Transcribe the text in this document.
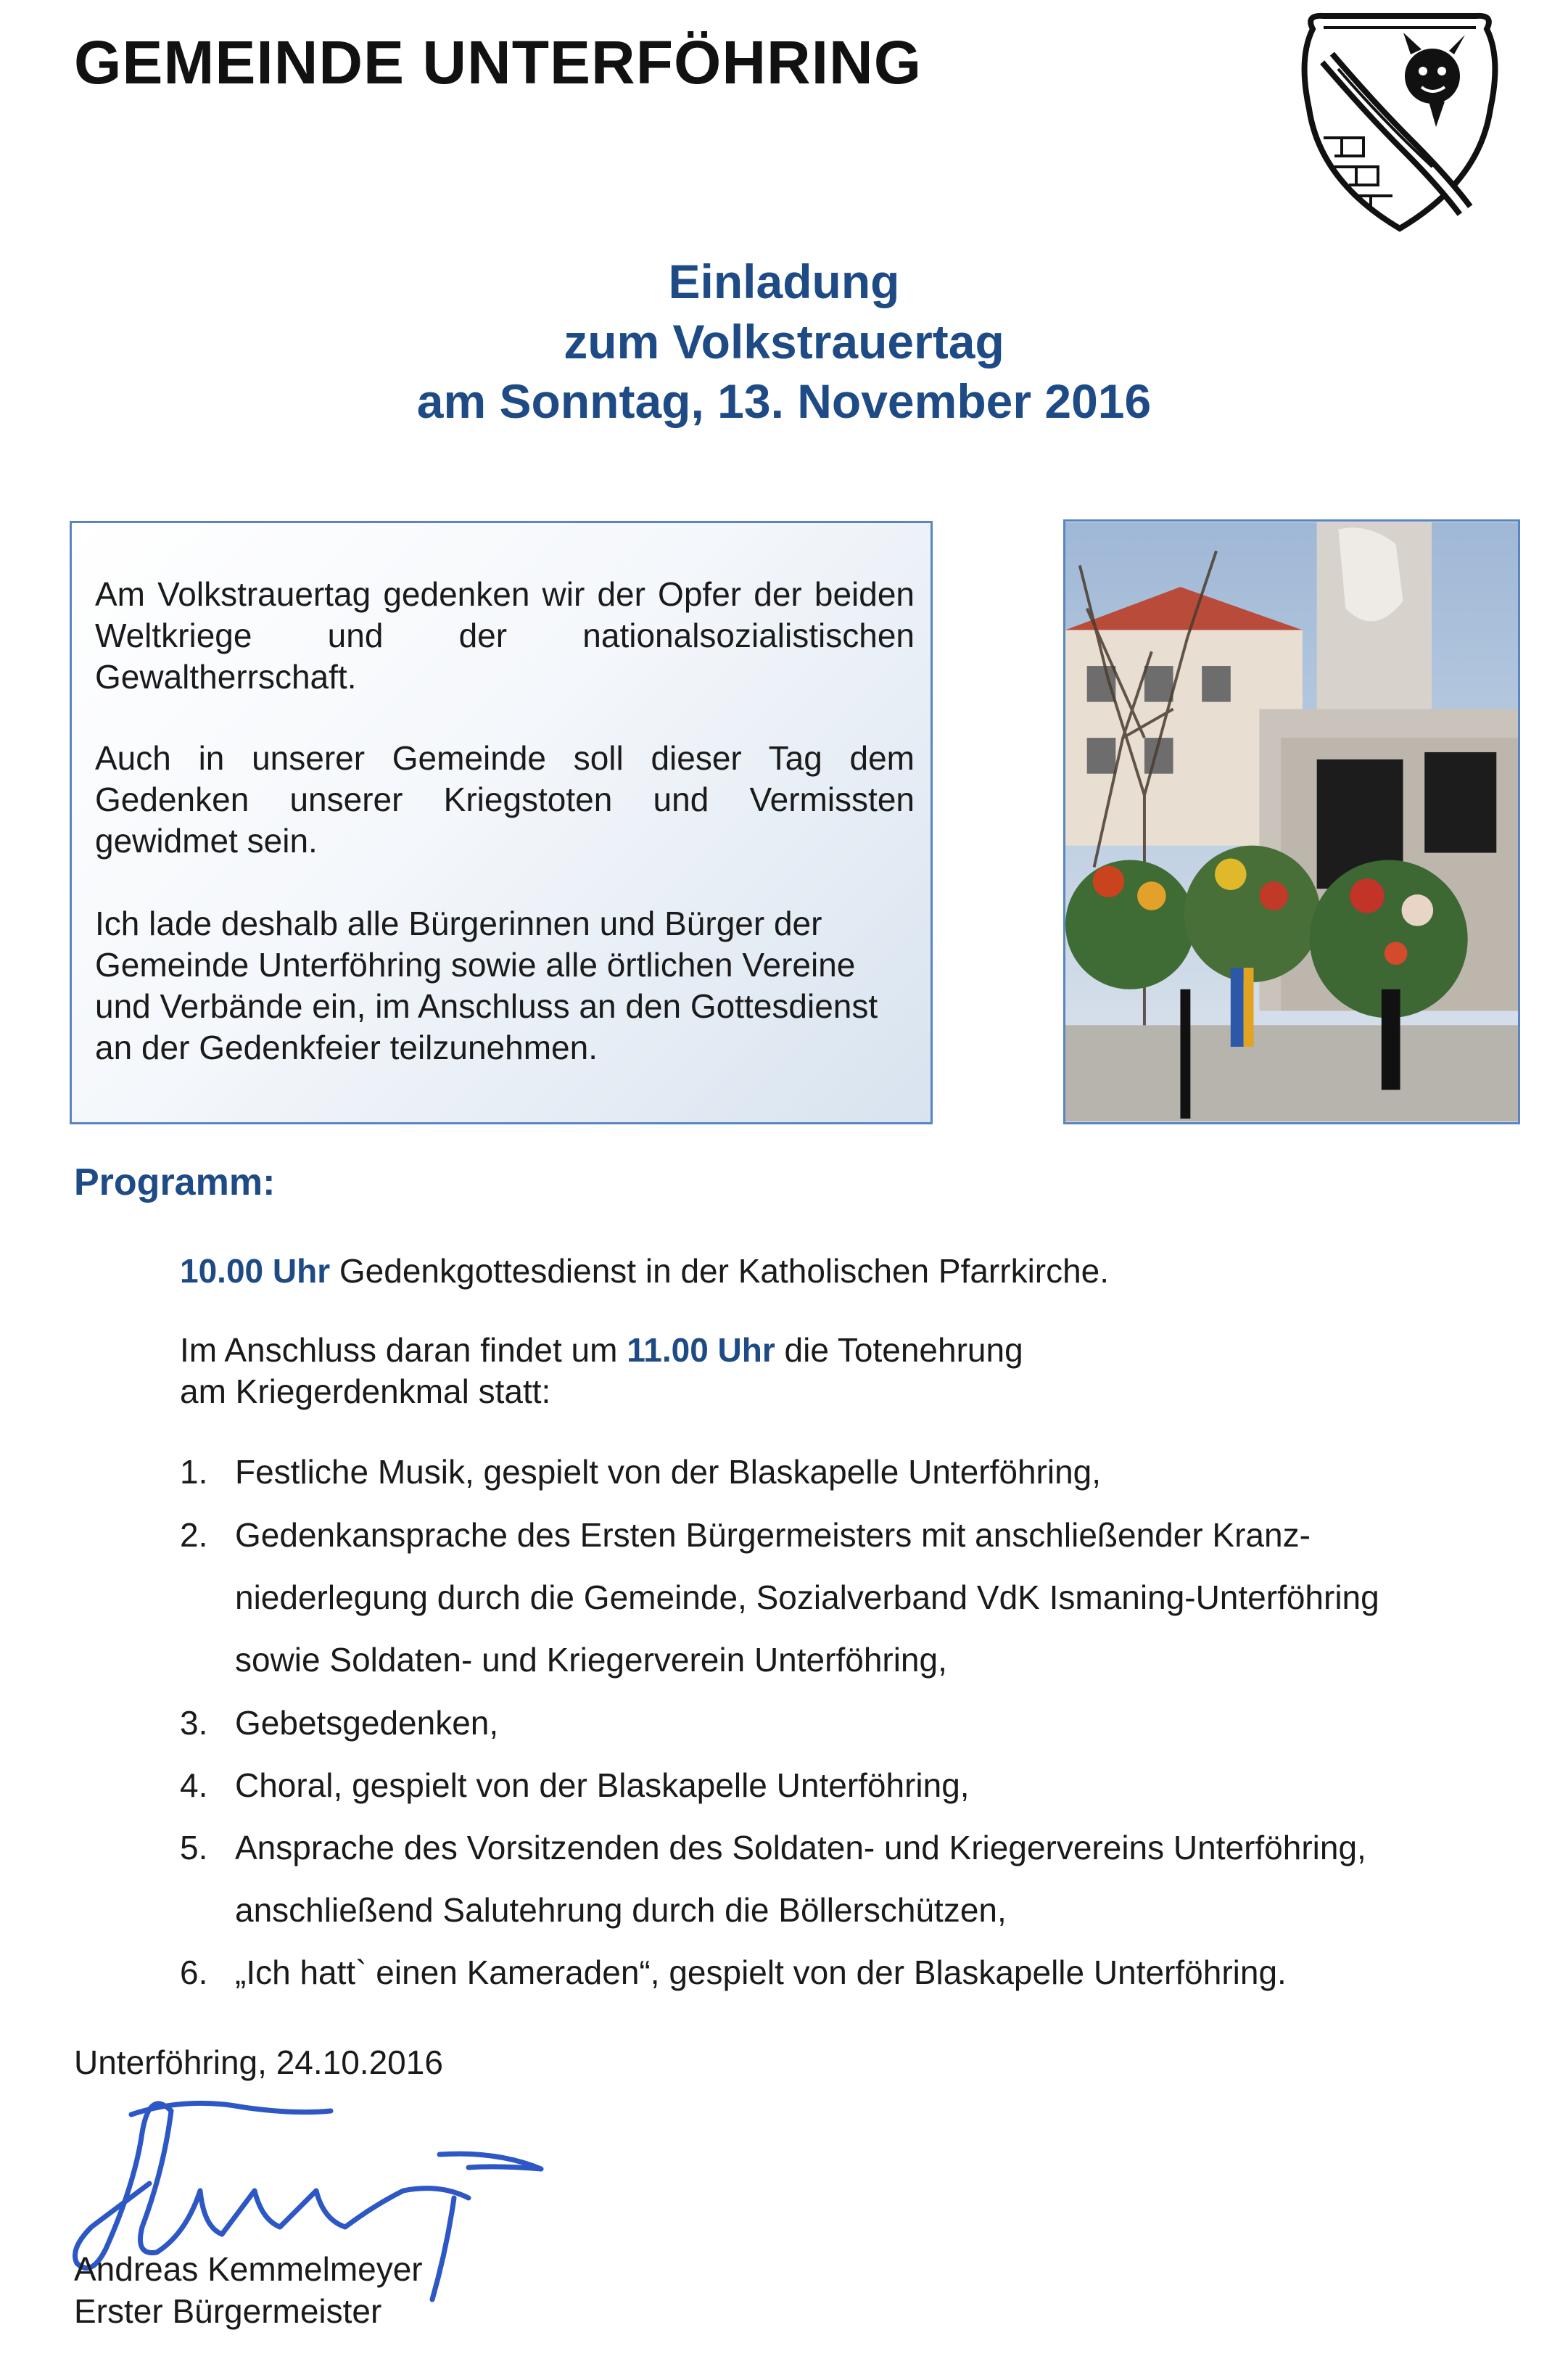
GEMEINDE UNTERFÖHRING
Einladung
zum Volkstrauertag
am Sonntag, 13. November 2016

Am Volkstrauertag gedenken wir der Opfer der beiden Weltkriege und der nationalsozialistischen Gewaltherrschaft.

Auch in unserer Gemeinde soll dieser Tag dem Gedenken unserer Kriegstoten und Vermissten gewidmet sein.

Ich lade deshalb alle Bürgerinnen und Bürger der Gemeinde Unterföhring sowie alle örtlichen Vereine und Verbände ein, im Anschluss an den Gottesdienst an der Gedenkfeier teilzunehmen.

Programm:
10.00 Uhr Gedenkgottesdienst in der Katholischen Pfarrkirche.
Im Anschluss daran findet um 11.00 Uhr die Totenehrung
am Kriegerdenkmal statt:
1. Festliche Musik, gespielt von der Blaskapelle Unterföhring,
2. Gedenkansprache des Ersten Bürgermeisters mit anschließender Kranz-
niederlegung durch die Gemeinde, Sozialverband VdK Ismaning-Unterföhring
sowie Soldaten- und Kriegerverein Unterföhring,
3. Gebetsgedenken,
4. Choral, gespielt von der Blaskapelle Unterföhring,
5. Ansprache des Vorsitzenden des Soldaten- und Kriegervereins Unterföhring,
anschließend Salutehrung durch die Böllerschützen,
6. „Ich hatt` einen Kameraden“, gespielt von der Blaskapelle Unterföhring.
Unterföhring, 24.10.2016
Andreas Kemmelmeyer
Erster Bürgermeister
